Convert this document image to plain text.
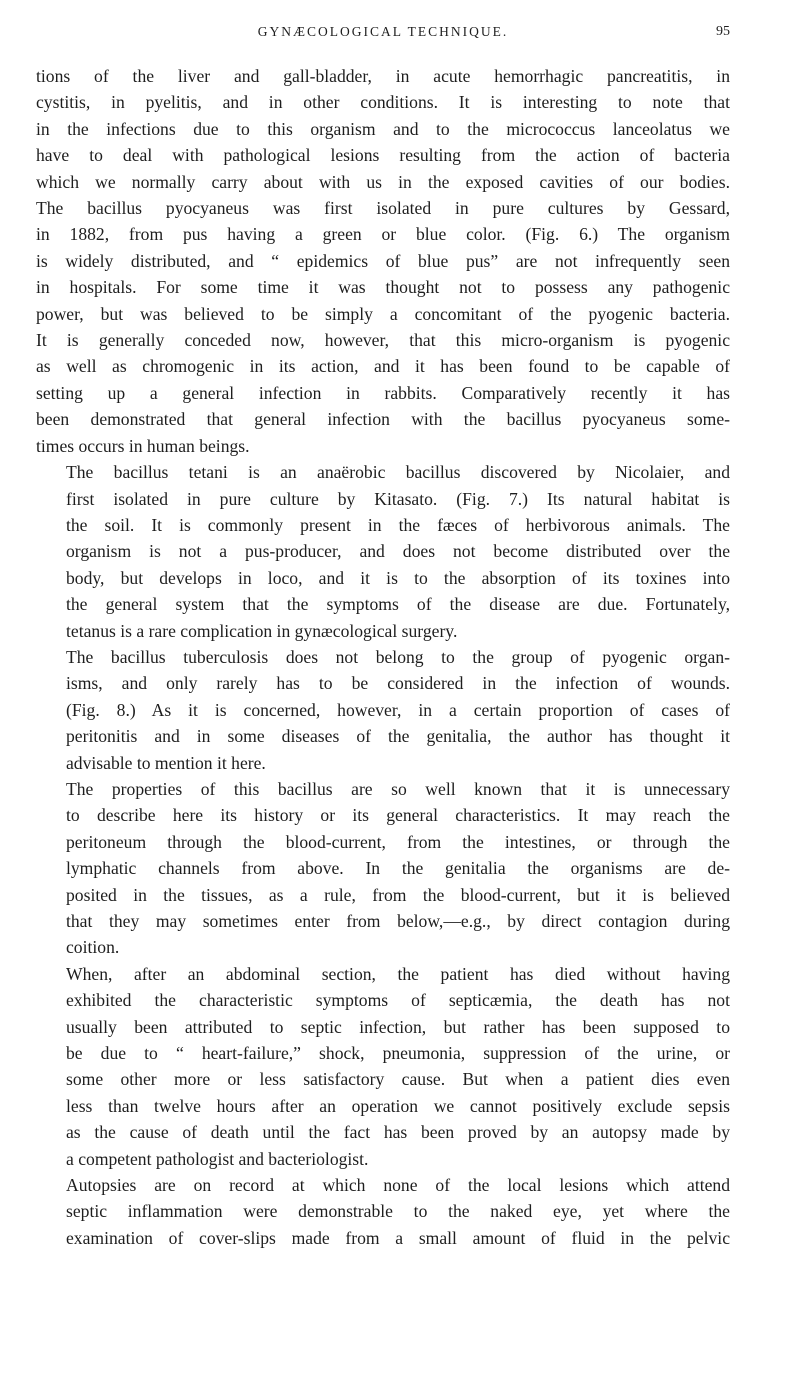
GYNÆCOLOGICAL TECHNIQUE.	95

tions of the liver and gall-bladder, in acute hemorrhagic pancreatitis, in
cystitis, in pyelitis, and in other conditions. It is interesting to note that
in the infections due to this organism and to the micrococcus lanceolatus we
have to deal with pathological lesions resulting from the action of bacteria
which we normally carry about with us in the exposed cavities of our bodies.
The bacillus pyocyaneus was first isolated in pure cultures by Gessard,
in 1882, from pus having a green or blue color. (Fig. 6.) The organism
is widely distributed, and “ epidemics of blue pus” are not infrequently seen
in hospitals. For some time it was thought not to possess any pathogenic
power, but was believed to be simply a concomitant of the pyogenic bacteria.
It is generally conceded now, however, that this micro-organism is pyogenic
as well as chromogenic in its action, and it has been found to be capable of
setting up a general infection in rabbits. Comparatively recently it has
been demonstrated that general infection with the bacillus pyocyaneus some-
times occurs in human beings.

The bacillus tetani is an anaërobic bacillus discovered by Nicolaier, and
first isolated in pure culture by Kitasato. (Fig. 7.) Its natural habitat is
the soil. It is commonly present in the fæces of herbivorous animals. The
organism is not a pus-producer, and does not become distributed over the
body, but develops in loco, and it is to the absorption of its toxines into
the general system that the symptoms of the disease are due. Fortunately,
tetanus is a rare complication in gynæcological surgery.

The bacillus tuberculosis does not belong to the group of pyogenic organ-
isms, and only rarely has to be considered in the infection of wounds.
(Fig. 8.) As it is concerned, however, in a certain proportion of cases of
peritonitis and in some diseases of the genitalia, the author has thought it
advisable to mention it here.

The properties of this bacillus are so well known that it is unnecessary
to describe here its history or its general characteristics. It may reach the
peritoneum through the blood-current, from the intestines, or through the
lymphatic channels from above. In the genitalia the organisms are de-
posited in the tissues, as a rule, from the blood-current, but it is believed
that they may sometimes enter from below,—e.g., by direct contagion during
coition.

When, after an abdominal section, the patient has died without having
exhibited the characteristic symptoms of septicæmia, the death has not
usually been attributed to septic infection, but rather has been supposed to
be due to “ heart-failure,” shock, pneumonia, suppression of the urine, or
some other more or less satisfactory cause. But when a patient dies even
less than twelve hours after an operation we cannot positively exclude sepsis
as the cause of death until the fact has been proved by an autopsy made by
a competent pathologist and bacteriologist.

Autopsies are on record at which none of the local lesions which attend
septic inflammation were demonstrable to the naked eye, yet where the
examination of cover-slips made from a small amount of fluid in the pelvic
